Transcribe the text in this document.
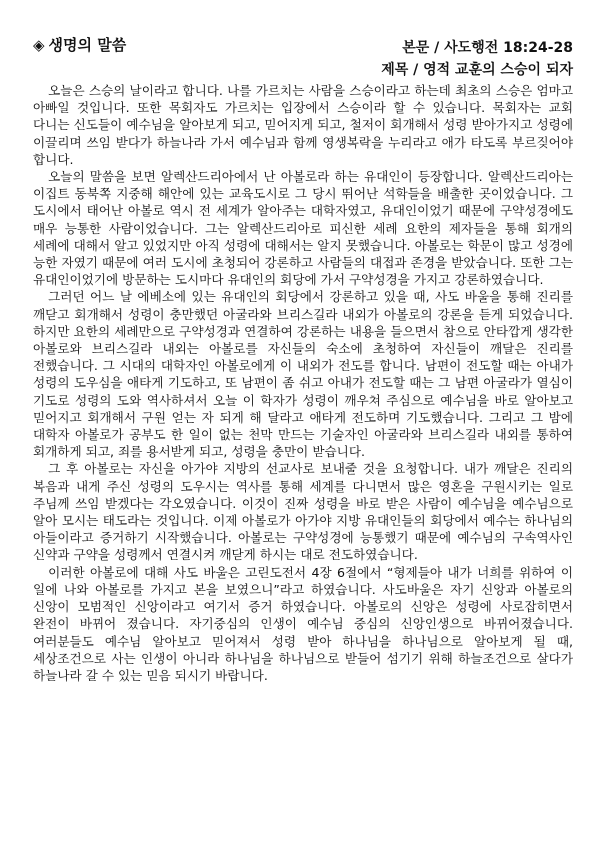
◈ 생명의 말씀	본문 / 사도행전 18:24-28
제목 / 영적 교훈의 스승이 되자

오늘은 스승의 날이라고 합니다. 나를 가르치는 사람을 스승이라고 하는데 최초의 스승은 엄마고 아빠일 것입니다. 또한 목회자도 가르치는 입장에서 스승이라 할 수 있습니다. 목회자는 교회 다니는 신도들이 예수님을 알아보게 되고, 믿어지게 되고, 철저이 회개해서 성령 받아가지고 성령에 이끌리며 쓰임 받다가 하늘나라 가서 예수님과 함께 영생복락을 누리라고 애가 타도록 부르짖어야 합니다.

오늘의 말씀을 보면 알렉산드리아에서 난 아볼로라 하는 유대인이 등장합니다. 알렉산드리아는 이집트 동북쪽 지중해 해안에 있는 교육도시로 그 당시 뛰어난 석학들을 배출한 곳이었습니다. 그 도시에서 태어난 아볼로 역시 전 세계가 알아주는 대학자였고, 유대인이었기 때문에 구약성경에도 매우 능통한 사람이었습니다. 그는 알렉산드리아로 피신한 세례 요한의 제자들을 통해 회개의 세례에 대해서 알고 있었지만 아직 성령에 대해서는 알지 못했습니다. 아볼로는 학문이 많고 성경에 능한 자였기 때문에 여러 도시에 초청되어 강론하고 사람들의 대접과 존경을 받았습니다. 또한 그는 유대인이었기에 방문하는 도시마다 유대인의 회당에 가서 구약성경을 가지고 강론하였습니다.

그러던 어느 날 에베소에 있는 유대인의 회당에서 강론하고 있을 때, 사도 바울을 통해 진리를 깨닫고 회개해서 성령이 충만했던 아굴라와 브리스길라 내외가 아볼로의 강론을 듣게 되었습니다. 하지만 요한의 세례만으로 구약성경과 연결하여 강론하는 내용을 들으면서 참으로 안타깝게 생각한 아볼로와 브리스길라 내외는 아볼로를 자신들의 숙소에 초청하여 자신들이 깨달은 진리를 전했습니다. 그 시대의 대학자인 아볼로에게 이 내외가 전도를 합니다. 남편이 전도할 때는 아내가 성령의 도우심을 애타게 기도하고, 또 남편이 좀 쉬고 아내가 전도할 때는 그 남편 아굴라가 열심이 기도로 성령의 도와 역사하셔서 오늘 이 학자가 성령이 깨우쳐 주심으로 예수님을 바로 알아보고 믿어지고 회개해서 구원 얻는 자 되게 해 달라고 애타게 전도하며 기도했습니다. 그리고 그 밤에 대학자 아볼로가 공부도 한 일이 없는 천막 만드는 기술자인 아굴라와 브리스길라 내외를 통하여 회개하게 되고, 죄를 용서받게 되고, 성령을 충만이 받습니다.

그 후 아볼로는 자신을 아가야 지방의 선교사로 보내줄 것을 요청합니다. 내가 깨달은 진리의 복음과 내게 주신 성령의 도우시는 역사를 통해 세계를 다니면서 많은 영혼을 구원시키는 일로 주님께 쓰임 받겠다는 각오였습니다. 이것이 진짜 성령을 바로 받은 사람이 예수님을 예수님으로 알아 모시는 태도라는 것입니다. 이제 아볼로가 아가야 지방 유대인들의 회당에서 예수는 하나님의 아들이라고 증거하기 시작했습니다. 아볼로는 구약성경에 능통했기 때문에 예수님의 구속역사인 신약과 구약을 성령께서 연결시켜 깨닫게 하시는 대로 전도하였습니다.

이러한 아볼로에 대해 사도 바울은 고린도전서 4장 6절에서 “형제들아 내가 너희를 위하여 이 일에 나와 아볼로를 가지고 본을 보였으니”라고 하였습니다. 사도바울은 자기 신앙과 아볼로의 신앙이 모범적인 신앙이라고 여기서 증거 하였습니다. 아볼로의 신앙은 성령에 사로잡히면서 완전이 바뀌어 졌습니다. 자기중심의 인생이 예수님 중심의 신앙인생으로 바뀌어졌습니다. 여러분들도 예수님 알아보고 믿어져서 성령 받아 하나님을 하나님으로 알아보게 될 때, 세상조건으로 사는 인생이 아니라 하나님을 하나님으로 받들어 섬기기 위해 하늘조건으로 살다가 하늘나라 갈 수 있는 믿음 되시기 바랍니다.
